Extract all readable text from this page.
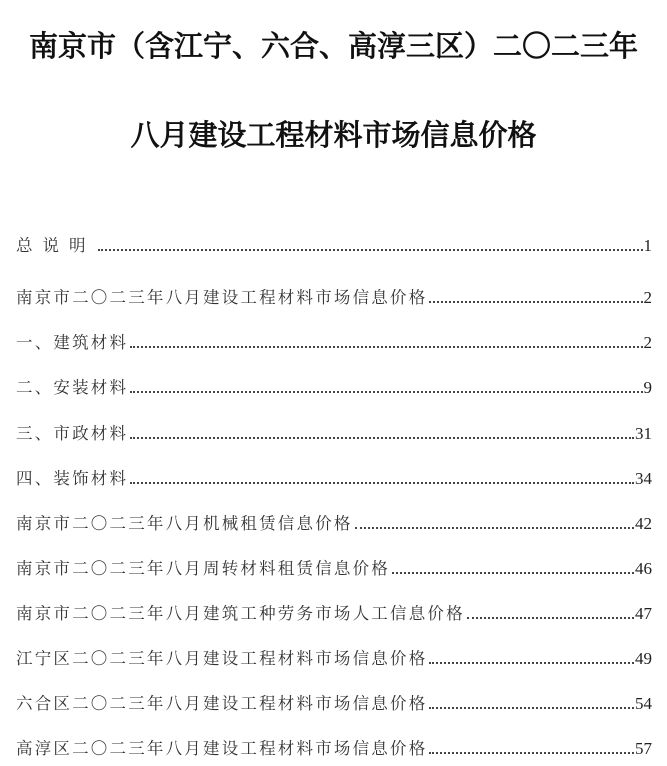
南京市（含江宁、六合、高淳三区）二〇二三年
八月建设工程材料市场信息价格
总说明	1
南京市二〇二三年八月建设工程材料市场信息价格	2
一、建筑材料	2
二、安装材料	9
三、市政材料	31
四、装饰材料	34
南京市二〇二三年八月机械租赁信息价格	42
南京市二〇二三年八月周转材料租赁信息价格	46
南京市二〇二三年八月建筑工种劳务市场人工信息价格	47
江宁区二〇二三年八月建设工程材料市场信息价格	49
六合区二〇二三年八月建设工程材料市场信息价格	54
高淳区二〇二三年八月建设工程材料市场信息价格	57
